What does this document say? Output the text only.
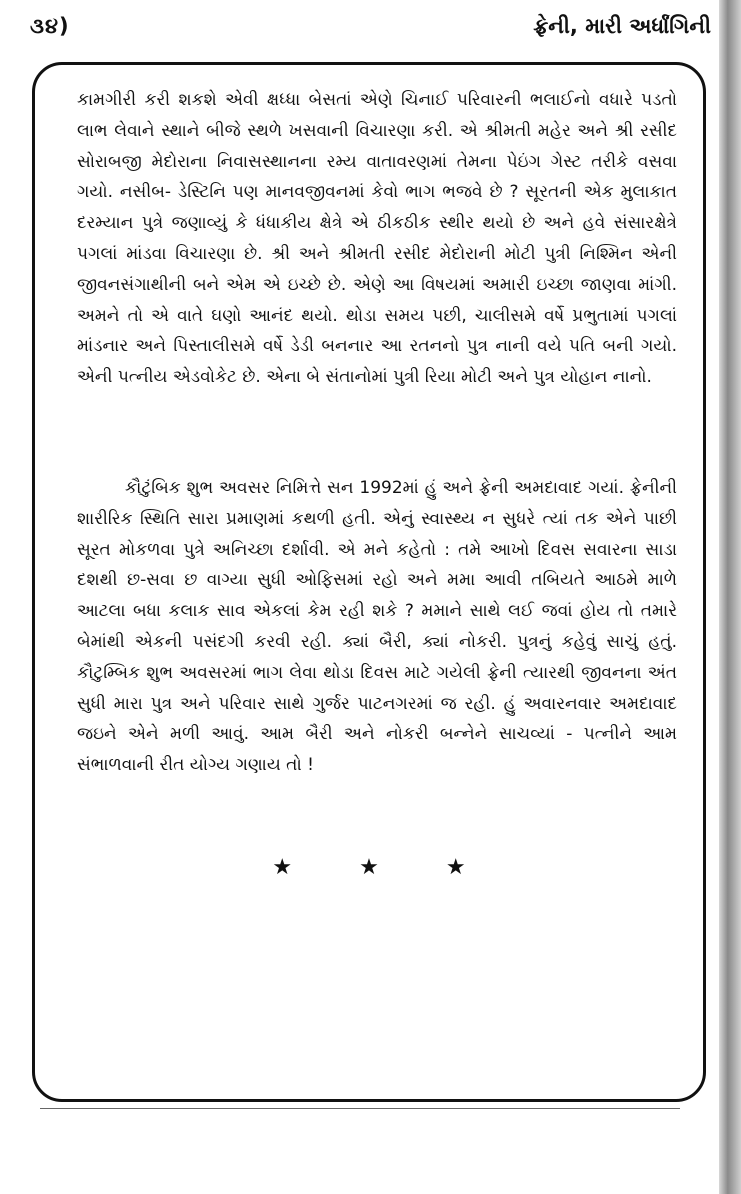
૩૪)	ફ્રેની, મારી અર્ધાંગિની

કામગીરી કરી શકશે એવી ક્ષધ્ધા બેસતાં એણે ચિનાઈ પરિવારની ભલાઈનો વધારે પડતો લાભ લેવાને સ્થાને બીજે સ્થળે ખસવાની વિચારણા કરી. એ શ્રીમતી મહેર અને શ્રી રસીદ સોરાબજી મેદોરાના નિવાસસ્થાનના રમ્ય વાતાવરણમાં તેમના પેઇંગ ગેસ્ટ તરીકે વસવા ગયો. નસીબ- ડેસ્ટિનિ પણ માનવજીવનમાં કેવો ભાગ ભજવે છે ? સૂરતની એક મુલાકાત દરમ્યાન પુત્રે જણાવ્યું કે ધંધાકીય ક્ષેત્રે એ ઠીકઠીક સ્થીર થયો છે અને હવે સંસારક્ષેત્રે પગલાં માંડવા વિચારણા છે. શ્રી અને શ્રીમતી રસીદ મેદોરાની મોટી પુત્રી નિશ્મિન એની જીવનસંગાથીની બને એમ એ ઇચ્છે છે. એણે આ વિષયમાં અમારી ઇચ્છા જાણવા માંગી. અમને તો એ વાતે ઘણો આનંદ થયો. થોડા સમય પછી, ચાલીસમે વર્ષે પ્રભુતામાં પગલાં માંડનાર અને પિસ્તાલીસમે વર્ષે ડેડી બનનાર આ રતનનો પુત્ર નાની વયે પતિ બની ગયો. એની પત્નીય એડવોકેટ છે. એના બે સંતાનોમાં પુત્રી રિયા મોટી અને પુત્ર યોહાન નાનો.

કૌટુંબિક શુભ અવસર નિમિત્તે સન 1992માં હું અને ફ્રેની અમદાવાદ ગયાં. ફ્રેનીની શારીરિક સ્થિતિ સારા પ્રમાણમાં કથળી હતી. એનું સ્વાસ્થ્ય ન સુધરે ત્યાં તક એને પાછી સૂરત મોકળવા પુત્રે અનિચ્છા દર્શાવી. એ મને કહેતો : તમે આખો દિવસ સવારના સાડા દશથી છ-સવા છ વાગ્યા સુધી ઓફિસમાં રહો અને મમા આવી તબિયતે આઠમે માળે આટલા બધા કલાક સાવ એકલાં કેમ રહી શકે ? મમાને સાથે લઈ જવાં હોય તો તમારે બેમાંથી એકની પસંદગી કરવી રહી. ક્યાં બૈરી, ક્યાં નોકરી. પુત્રનું કહેવું સાચું હતું. કૌટુમ્બિક શુભ અવસરમાં ભાગ લેવા થોડા દિવસ માટે ગયેલી ફ્રેની ત્યારથી જીવનના અંત સુધી મારા પુત્ર અને પરિવાર સાથે ગુર્જર પાટનગરમાં જ રહી. હું અવારનવાર અમદાવાદ જઇને એને મળી આવું. આમ બૈરી અને નોકરી બન્નેને સાચવ્યાં - પત્નીને આમ સંભાળવાની રીત યોગ્ય ગણાય તો !

★ ★ ★
